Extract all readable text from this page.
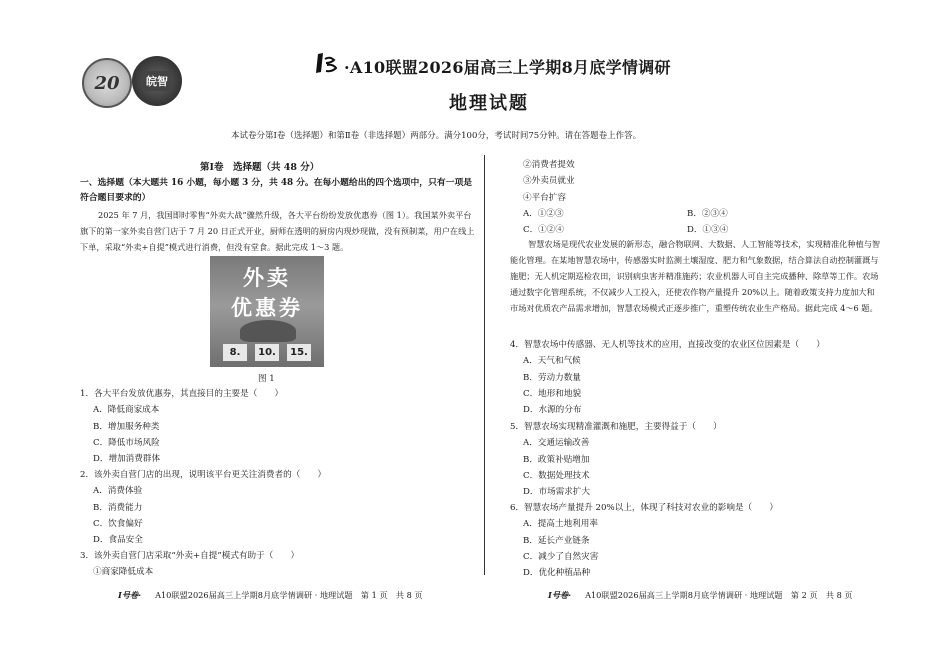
20 皖智
·A10联盟2026届高三上学期8月底学情调研
地理试题
本试卷分第Ⅰ卷（选择题）和第Ⅱ卷（非选择题）两部分。满分100分，考试时间75分钟。请在答题卷上作答。
第Ⅰ卷　选择题（共 48 分）
一、选择题（本大题共 16 小题，每小题 3 分，共 48 分。在每小题给出的四个选项中，只有一项是符合题目要求的）
2025 年 7 月，我国即时零售“外卖大战”骤然升级，各大平台纷纷发放优惠券（图 1）。我国某外卖平台旗下的第一家外卖自营门店于 7 月 20 日正式开业，厨师在透明的厨房内现炒现做，没有预制菜，用户在线上下单，采取“外卖+自提”模式进行消费，但没有堂食。据此完成 1～3 题。
外卖
优惠券
8.	10.	15.
图 1
1．各大平台发放优惠券，其直接目的主要是（　　）
A．降低商家成本
B．增加服务种类
C．降低市场风险
D．增加消费群体
2．该外卖自营门店的出现，说明该平台更关注消费者的（　　）
A．消费体验
B．消费能力
C．饮食偏好
D．食品安全
3．该外卖自营门店采取“外卖+自提”模式有助于（　　）
①商家降低成本
②消费者提效
③外卖员就业
④平台扩容
A．①②③	B．②③④
C．①②④	D．①③④
智慧农场是现代农业发展的新形态，融合物联网、大数据、人工智能等技术，实现精准化种植与智能化管理。在某地智慧农场中，传感器实时监测土壤湿度、肥力和气象数据，结合算法自动控制灌溉与施肥；无人机定期巡检农田，识别病虫害并精准施药；农业机器人可自主完成播种、除草等工作。农场通过数字化管理系统，不仅减少人工投入，还使农作物产量提升 20%以上。随着政策支持力度加大和市场对优质农产品需求增加，智慧农场模式正逐步推广，重塑传统农业生产格局。据此完成 4～6 题。
4．智慧农场中传感器、无人机等技术的应用，直接改变的农业区位因素是（　　）
A．天气和气候
B．劳动力数量
C．地形和地貌
D．水源的分布
5．智慧农场实现精准灌溉和施肥，主要得益于（　　）
A．交通运输改善
B．政策补贴增加
C．数据处理技术
D．市场需求扩大
6．智慧农场产量提升 20%以上，体现了科技对农业的影响是（　　）
A．提高土地利用率
B．延长产业链条
C．减少了自然灾害
D．优化种植品种
I号卷· A10联盟2026届高三上学期8月底学情调研 · 地理试题　第 1 页　共 8 页	I号卷· A10联盟2026届高三上学期8月底学情调研 · 地理试题　第 2 页　共 8 页
